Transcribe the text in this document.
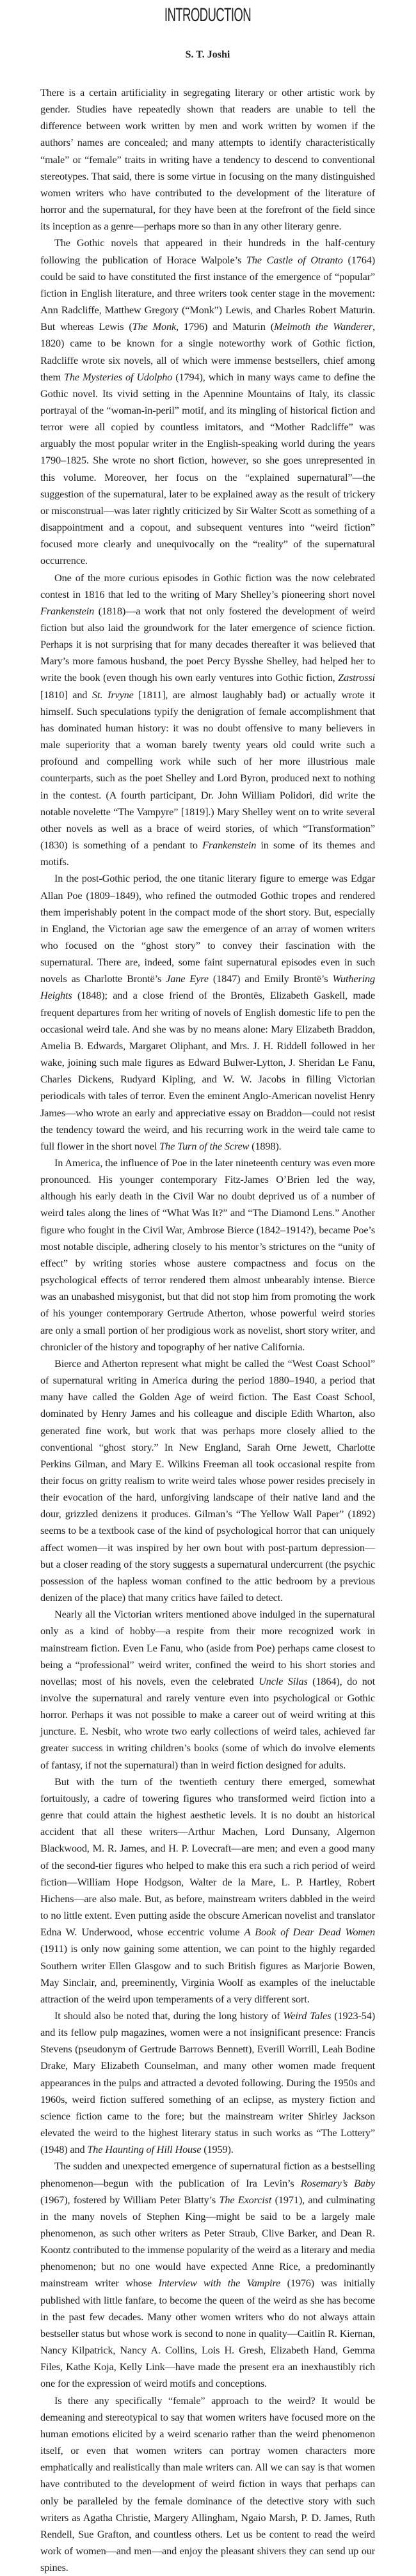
INTRODUCTION
S. T. Joshi

There is a certain artificiality in segregating literary or other artistic work by gender. Studies have repeatedly shown that readers are unable to tell the difference between work written by men and work written by women if the authors’ names are concealed; and many attempts to identify characteristically “male” or “female” traits in writing have a tendency to descend to conventional stereotypes. That said, there is some virtue in focusing on the many distinguished women writers who have contributed to the development of the literature of horror and the supernatural, for they have been at the forefront of the field since its inception as a genre—perhaps more so than in any other literary genre.

The Gothic novels that appeared in their hundreds in the half-century following the publication of Horace Walpole’s The Castle of Otranto (1764) could be said to have constituted the first instance of the emergence of “popular” fiction in English literature, and three writers took center stage in the movement: Ann Radcliffe, Matthew Gregory (“Monk”) Lewis, and Charles Robert Maturin. But whereas Lewis (The Monk, 1796) and Maturin (Melmoth the Wanderer, 1820) came to be known for a single noteworthy work of Gothic fiction, Radcliffe wrote six novels, all of which were immense bestsellers, chief among them The Mysteries of Udolpho (1794), which in many ways came to define the Gothic novel. Its vivid setting in the Apennine Mountains of Italy, its classic portrayal of the “woman-in-peril” motif, and its mingling of historical fiction and terror were all copied by countless imitators, and “Mother Radcliffe” was arguably the most popular writer in the English-speaking world during the years 1790–1825. She wrote no short fiction, however, so she goes unrepresented in this volume. Moreover, her focus on the “explained supernatural”—the suggestion of the supernatural, later to be explained away as the result of trickery or misconstrual—was later rightly criticized by Sir Walter Scott as something of a disappointment and a copout, and subsequent ventures into “weird fiction” focused more clearly and unequivocally on the “reality” of the supernatural occurrence.

One of the more curious episodes in Gothic fiction was the now celebrated contest in 1816 that led to the writing of Mary Shelley’s pioneering short novel Frankenstein (1818)—a work that not only fostered the development of weird fiction but also laid the groundwork for the later emergence of science fiction. Perhaps it is not surprising that for many decades thereafter it was believed that Mary’s more famous husband, the poet Percy Bysshe Shelley, had helped her to write the book (even though his own early ventures into Gothic fiction, Zastrossi [1810] and St. Irvyne [1811], are almost laughably bad) or actually wrote it himself. Such speculations typify the denigration of female accomplishment that has dominated human history: it was no doubt offensive to many believers in male superiority that a woman barely twenty years old could write such a profound and compelling work while such of her more illustrious male counterparts, such as the poet Shelley and Lord Byron, produced next to nothing in the contest. (A fourth participant, Dr. John William Polidori, did write the notable novelette “The Vampyre” [1819].) Mary Shelley went on to write several other novels as well as a brace of weird stories, of which “Transformation” (1830) is something of a pendant to Frankenstein in some of its themes and motifs.

In the post-Gothic period, the one titanic literary figure to emerge was Edgar Allan Poe (1809–1849), who refined the outmoded Gothic tropes and rendered them imperishably potent in the compact mode of the short story. But, especially in England, the Victorian age saw the emergence of an array of women writers who focused on the “ghost story” to convey their fascination with the supernatural. There are, indeed, some faint supernatural episodes even in such novels as Charlotte Brontë’s Jane Eyre (1847) and Emily Brontë’s Wuthering Heights (1848); and a close friend of the Brontës, Elizabeth Gaskell, made frequent departures from her writing of novels of English domestic life to pen the occasional weird tale. And she was by no means alone: Mary Elizabeth Braddon, Amelia B. Edwards, Margaret Oliphant, and Mrs. J. H. Riddell followed in her wake, joining such male figures as Edward Bulwer-Lytton, J. Sheridan Le Fanu, Charles Dickens, Rudyard Kipling, and W. W. Jacobs in filling Victorian periodicals with tales of terror. Even the eminent Anglo-American novelist Henry James—who wrote an early and appreciative essay on Braddon—could not resist the tendency toward the weird, and his recurring work in the weird tale came to full flower in the short novel The Turn of the Screw (1898).

In America, the influence of Poe in the later nineteenth century was even more pronounced. His younger contemporary Fitz-James O’Brien led the way, although his early death in the Civil War no doubt deprived us of a number of weird tales along the lines of “What Was It?” and “The Diamond Lens.” Another figure who fought in the Civil War, Ambrose Bierce (1842–1914?), became Poe’s most notable disciple, adhering closely to his mentor’s strictures on the “unity of effect” by writing stories whose austere compactness and focus on the psychological effects of terror rendered them almost unbearably intense. Bierce was an unabashed misygonist, but that did not stop him from promoting the work of his younger contemporary Gertrude Atherton, whose powerful weird stories are only a small portion of her prodigious work as novelist, short story writer, and chronicler of the history and topography of her native California.

Bierce and Atherton represent what might be called the “West Coast School” of supernatural writing in America during the period 1880–1940, a period that many have called the Golden Age of weird fiction. The East Coast School, dominated by Henry James and his colleague and disciple Edith Wharton, also generated fine work, but work that was perhaps more closely allied to the conventional “ghost story.” In New England, Sarah Orne Jewett, Charlotte Perkins Gilman, and Mary E. Wilkins Freeman all took occasional respite from their focus on gritty realism to write weird tales whose power resides precisely in their evocation of the hard, unforgiving landscape of their native land and the dour, grizzled denizens it produces. Gilman’s “The Yellow Wall Paper” (1892) seems to be a textbook case of the kind of psychological horror that can uniquely affect women—it was inspired by her own bout with post-partum depression—but a closer reading of the story suggests a supernatural undercurrent (the psychic possession of the hapless woman confined to the attic bedroom by a previous denizen of the place) that many critics have failed to detect.

Nearly all the Victorian writers mentioned above indulged in the supernatural only as a kind of hobby—a respite from their more recognized work in mainstream fiction. Even Le Fanu, who (aside from Poe) perhaps came closest to being a “professional” weird writer, confined the weird to his short stories and novellas; most of his novels, even the celebrated Uncle Silas (1864), do not involve the supernatural and rarely venture even into psychological or Gothic horror. Perhaps it was not possible to make a career out of weird writing at this juncture. E. Nesbit, who wrote two early collections of weird tales, achieved far greater success in writing children’s books (some of which do involve elements of fantasy, if not the supernatural) than in weird fiction designed for adults.

But with the turn of the twentieth century there emerged, somewhat fortuitously, a cadre of towering figures who transformed weird fiction into a genre that could attain the highest aesthetic levels. It is no doubt an historical accident that all these writers—Arthur Machen, Lord Dunsany, Algernon Blackwood, M. R. James, and H. P. Lovecraft—are men; and even a good many of the second-tier figures who helped to make this era such a rich period of weird fiction—William Hope Hodgson, Walter de la Mare, L. P. Hartley, Robert Hichens—are also male. But, as before, mainstream writers dabbled in the weird to no little extent. Even putting aside the obscure American novelist and translator Edna W. Underwood, whose eccentric volume A Book of Dear Dead Women (1911) is only now gaining some attention, we can point to the highly regarded Southern writer Ellen Glasgow and to such British figures as Marjorie Bowen, May Sinclair, and, preeminently, Virginia Woolf as examples of the ineluctable attraction of the weird upon temperaments of a very different sort.

It should also be noted that, during the long history of Weird Tales (1923-54) and its fellow pulp magazines, women were a not insignificant presence: Francis Stevens (pseudonym of Gertrude Barrows Bennett), Everill Worrill, Leah Bodine Drake, Mary Elizabeth Counselman, and many other women made frequent appearances in the pulps and attracted a devoted following. During the 1950s and 1960s, weird fiction suffered something of an eclipse, as mystery fiction and science fiction came to the fore; but the mainstream writer Shirley Jackson elevated the weird to the highest literary status in such works as “The Lottery” (1948) and The Haunting of Hill House (1959).

The sudden and unexpected emergence of supernatural fiction as a bestselling phenomenon—begun with the publication of Ira Levin’s Rosemary’s Baby (1967), fostered by William Peter Blatty’s The Exorcist (1971), and culminating in the many novels of Stephen King—might be said to be a largely male phenomenon, as such other writers as Peter Straub, Clive Barker, and Dean R. Koontz contributed to the immense popularity of the weird as a literary and media phenomenon; but no one would have expected Anne Rice, a predominantly mainstream writer whose Interview with the Vampire (1976) was initially published with little fanfare, to become the queen of the weird as she has become in the past few decades. Many other women writers who do not always attain bestseller status but whose work is second to none in quality—Caitlín R. Kiernan, Nancy Kilpatrick, Nancy A. Collins, Lois H. Gresh, Elizabeth Hand, Gemma Files, Kathe Koja, Kelly Link—have made the present era an inexhaustibly rich one for the expression of weird motifs and conceptions.

Is there any specifically “female” approach to the weird? It would be demeaning and stereotypical to say that women writers have focused more on the human emotions elicited by a weird scenario rather than the weird phenomenon itself, or even that women writers can portray women characters more emphatically and realistically than male writers can. All we can say is that women have contributed to the development of weird fiction in ways that perhaps can only be paralleled by the female dominance of the detective story with such writers as Agatha Christie, Margery Allingham, Ngaio Marsh, P. D. James, Ruth Rendell, Sue Grafton, and countless others. Let us be content to read the weird work of women—and men—and enjoy the pleasant shivers they can send up our spines.
